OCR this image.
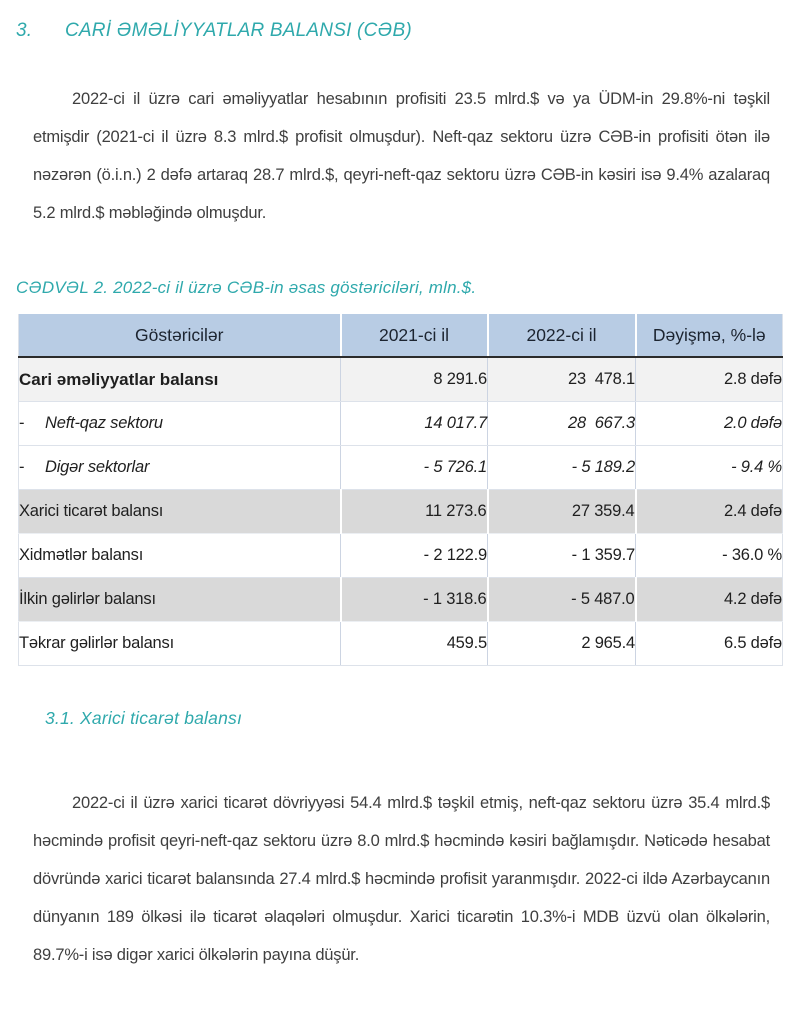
3.	CARİ ƏMƏLİYYATLAR BALANSI (CƏB)

2022-ci il üzrə cari əməliyyatlar hesabının profisiti 23.5 mlrd.$ və ya ÜDM-in 29.8%-ni təşkil etmişdir (2021-ci il üzrə 8.3 mlrd.$ profisit olmuşdur). Neft-qaz sektoru üzrə CƏB-in profisiti ötən ilə nəzərən (ö.i.n.) 2 dəfə artaraq 28.7 mlrd.$, qeyri-neft-qaz sektoru üzrə CƏB-in kəsiri isə 9.4% azalaraq 5.2 mlrd.$ məbləğində olmuşdur.

CƏDVƏL 2. 2022-ci il üzrə CƏB-in əsas göstəriciləri, mln.$.
Göstəricilər	2021-ci il	2022-ci il	Dəyişmə, %-lə
Cari əməliyyatlar balansı	8 291.6	23  478.1	2.8 dəfə
- Neft-qaz sektoru	14 017.7	28  667.3	2.0 dəfə
- Digər sektorlar	- 5 726.1	- 5 189.2	- 9.4 %
Xarici ticarət balansı	11 273.6	27 359.4	2.4 dəfə
Xidmətlər balansı	- 2 122.9	- 1 359.7	- 36.0 %
İlkin gəlirlər balansı	- 1 318.6	- 5 487.0	4.2 dəfə
Təkrar gəlirlər balansı	459.5	2 965.4	6.5 dəfə
3.1. Xarici ticarət balansı

2022-ci il üzrə xarici ticarət dövriyyəsi 54.4 mlrd.$ təşkil etmiş, neft-qaz sektoru üzrə 35.4 mlrd.$ həcmində profisit qeyri-neft-qaz sektoru üzrə 8.0 mlrd.$ həcmində kəsiri bağlamışdır. Nəticədə hesabat dövründə xarici ticarət balansında 27.4 mlrd.$ həcmində profisit yaranmışdır. 2022-ci ildə Azərbaycanın dünyanın 189 ölkəsi ilə ticarət əlaqələri olmuşdur. Xarici ticarətin 10.3%-i MDB üzvü olan ölkələrin, 89.7%-i isə digər xarici ölkələrin payına düşür.
